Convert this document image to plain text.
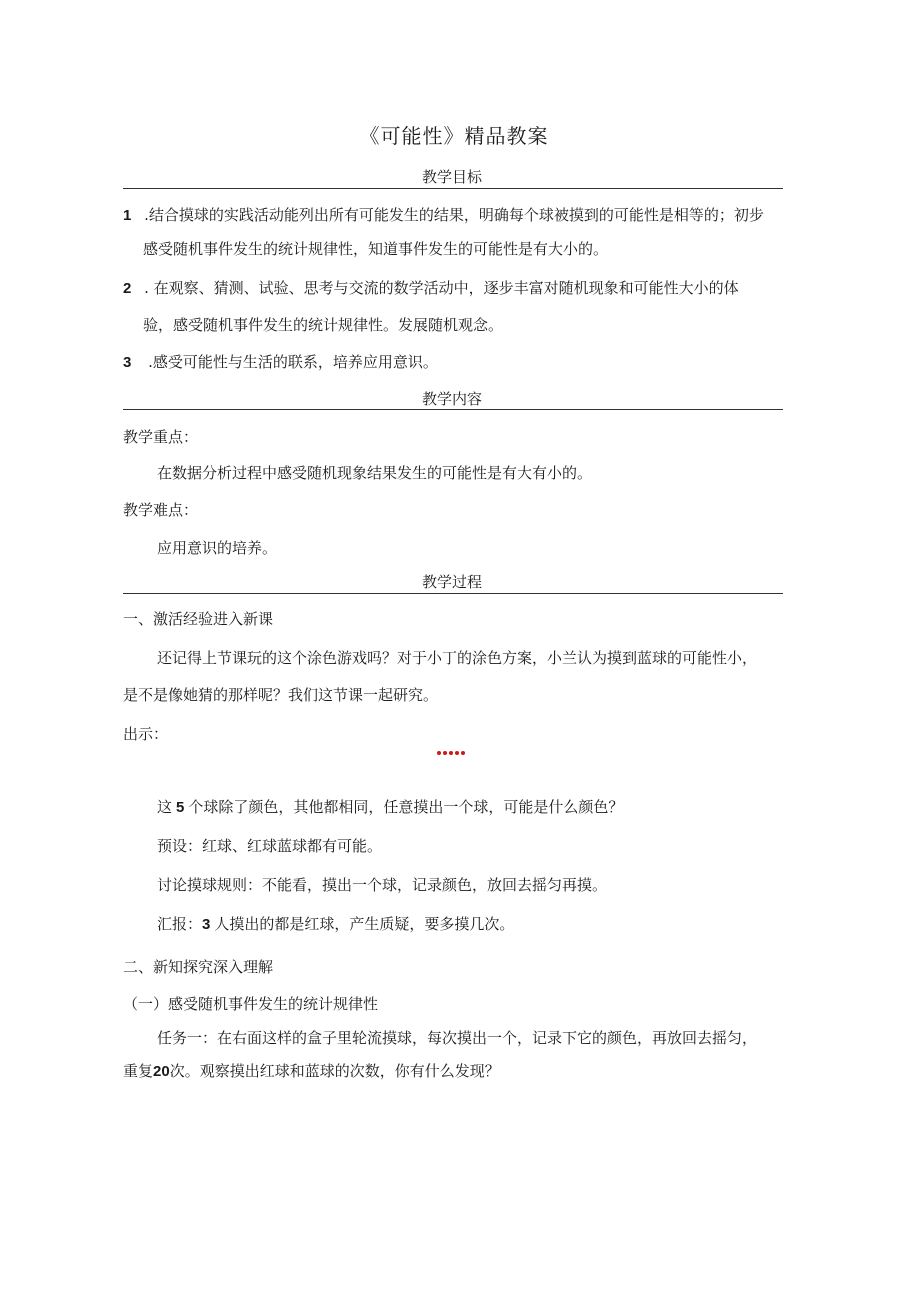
《可能性》精品教案
教学目标
1 .结合摸球的实践活动能列出所有可能发生的结果，明确每个球被摸到的可能性是相等的；初步
感受随机事件发生的统计规律性，知道事件发生的可能性是有大小的。
2 . 在观察、猜测、试验、思考与交流的数学活动中，逐步丰富对随机现象和可能性大小的体
验，感受随机事件发生的统计规律性。发展随机观念。
3 .感受可能性与生活的联系，培养应用意识。
教学内容
教学重点：
在数据分析过程中感受随机现象结果发生的可能性是有大有小的。
教学难点：
应用意识的培养。
教学过程
一、激活经验进入新课
还记得上节课玩的这个涂色游戏吗？对于小丁的涂色方案，小兰认为摸到蓝球的可能性小，
是不是像她猜的那样呢？我们这节课一起研究。
出示：
这 5 个球除了颜色，其他都相同，任意摸出一个球，可能是什么颜色？
预设：红球、红球蓝球都有可能。
讨论摸球规则：不能看，摸出一个球，记录颜色，放回去摇匀再摸。
汇报：3 人摸出的都是红球，产生质疑，要多摸几次。
二、新知探究深入理解
（一）感受随机事件发生的统计规律性
任务一：在右面这样的盒子里轮流摸球，每次摸出一个，记录下它的颜色，再放回去摇匀，
重复20次。观察摸出红球和蓝球的次数，你有什么发现？
